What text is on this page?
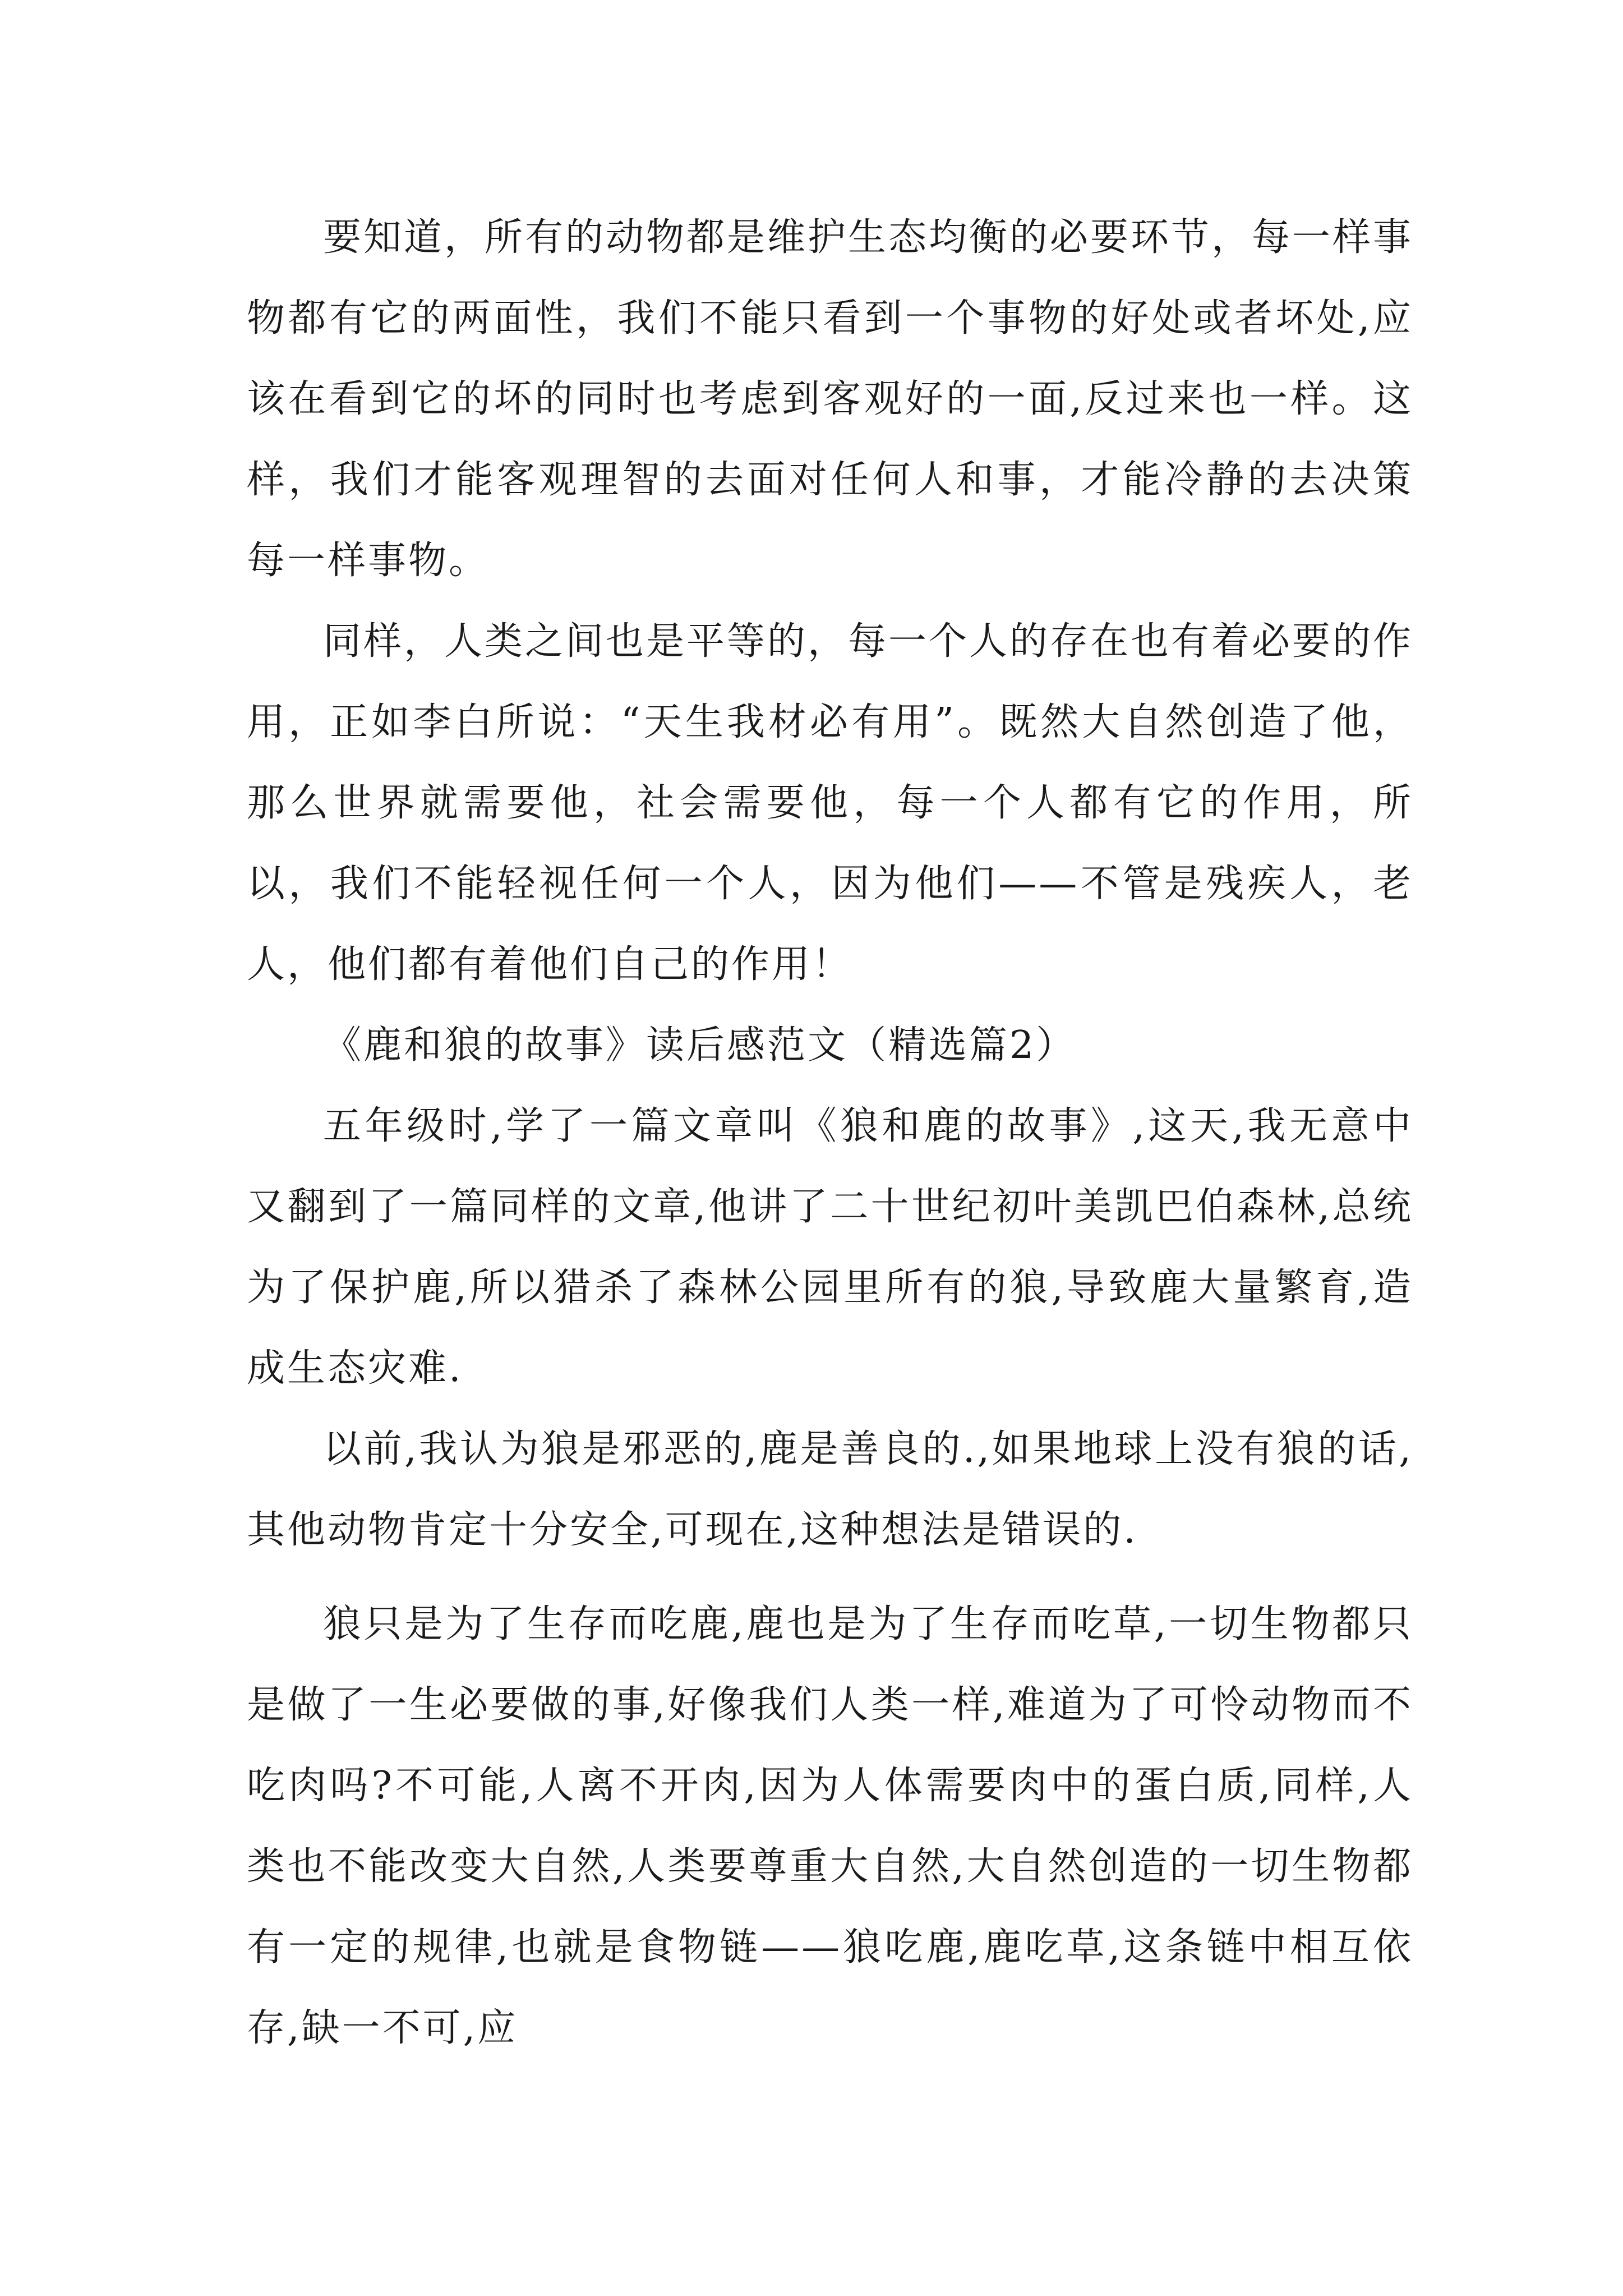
要知道，所有的动物都是维护生态均衡的必要环节，每一样事物都有它的两面性，我们不能只看到一个事物的好处或者坏处,应该在看到它的坏的同时也考虑到客观好的一面,反过来也一样。这样，我们才能客观理智的去面对任何人和事，才能冷静的去决策每一样事物。

同样，人类之间也是平等的，每一个人的存在也有着必要的作用，正如李白所说：“天生我材必有用”。既然大自然创造了他，那么世界就需要他，社会需要他，每一个人都有它的作用，所以，我们不能轻视任何一个人，因为他们——不管是残疾人，老人，他们都有着他们自己的作用！

《鹿和狼的故事》读后感范文（精选篇2）

五年级时,学了一篇文章叫《狼和鹿的故事》,这天,我无意中又翻到了一篇同样的文章,他讲了二十世纪初叶美凯巴伯森林,总统为了保护鹿,所以猎杀了森林公园里所有的狼,导致鹿大量繁育,造成生态灾难.

以前,我认为狼是邪恶的,鹿是善良的.,如果地球上没有狼的话,其他动物肯定十分安全,可现在,这种想法是错误的.

狼只是为了生存而吃鹿,鹿也是为了生存而吃草,一切生物都只是做了一生必要做的事,好像我们人类一样,难道为了可怜动物而不吃肉吗?不可能,人离不开肉,因为人体需要肉中的蛋白质,同样,人类也不能改变大自然,人类要尊重大自然,大自然创造的一切生物都有一定的规律,也就是食物链——狼吃鹿,鹿吃草,这条链中相互依存,缺一不可,应
